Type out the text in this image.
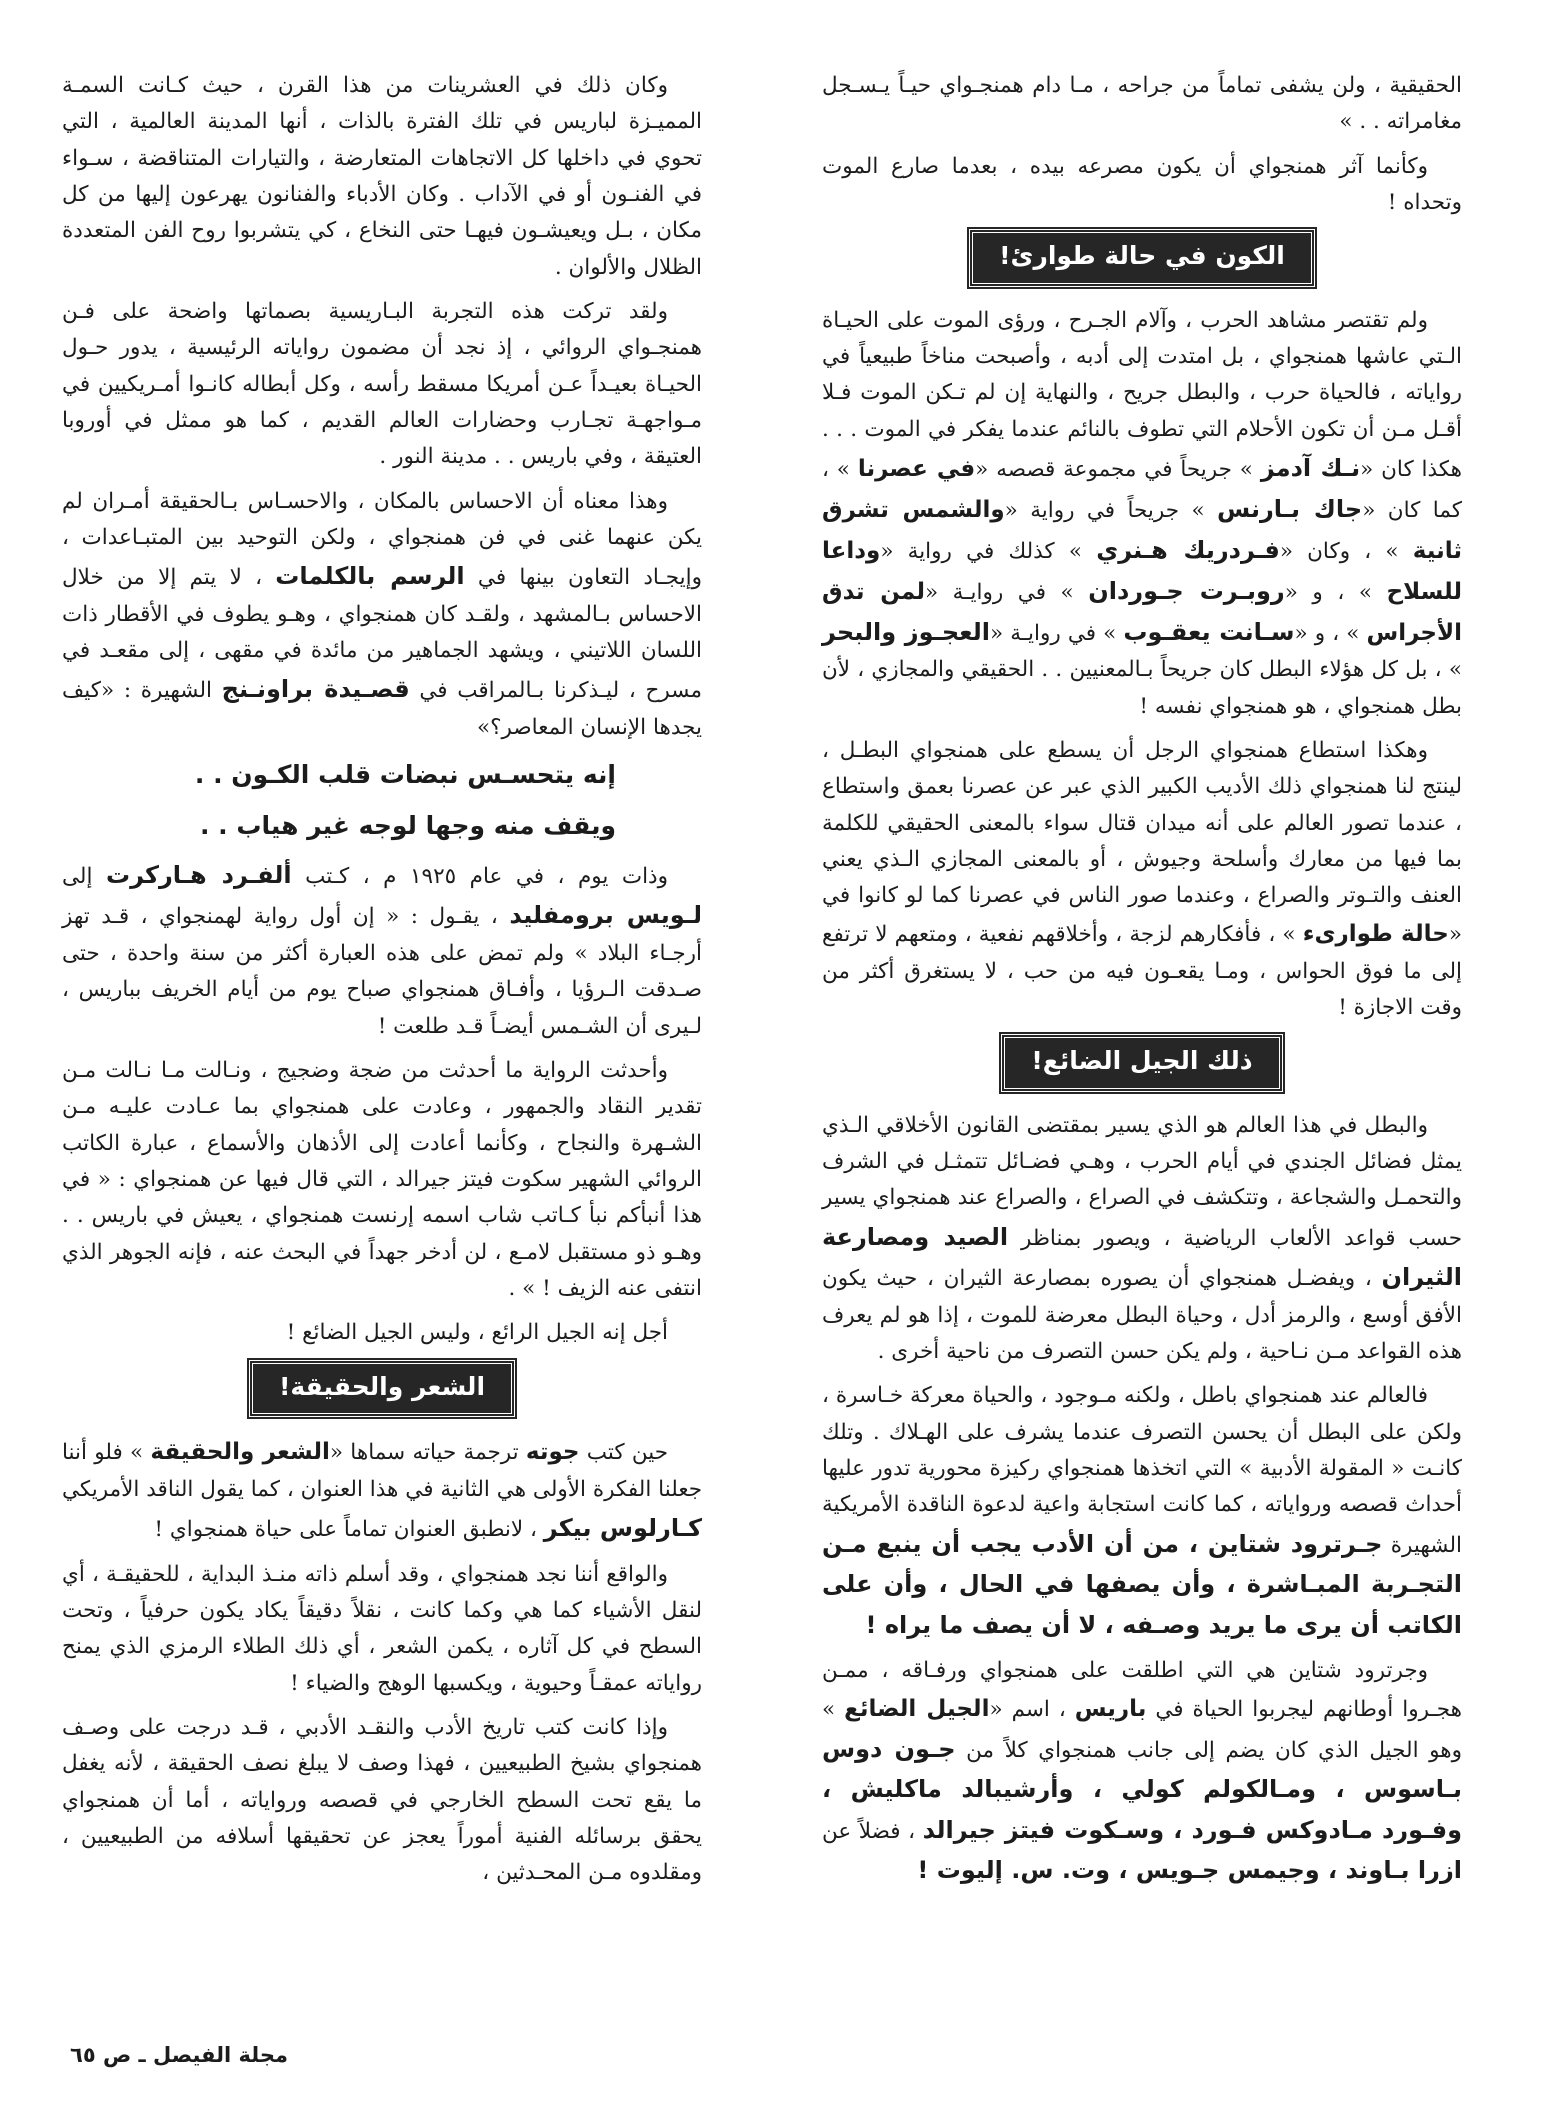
الحقيقية ، ولن يشفى تماماً من جراحه ، مـا دام همنجـواي حيـاً يـسـجل مغامراته . . »

وكأنما آثر همنجواي أن يكون مصرعه بيده ، بعدما صارع الموت وتحداه !

الكون في حالة طوارئ!

ولم تقتصر مشاهد الحرب ، وآلام الجـرح ، ورؤى الموت على الحيـاة الـتي عاشها همنجواي ، بل امتدت إلى أدبه ، وأصبحت مناخاً طبيعياً في رواياته ، فالحياة حرب ، والبطل جريح ، والنهاية إن لم تـكن الموت فـلا أقـل مـن أن تكون الأحلام التي تطوف بالنائم عندما يفكر في الموت . . . هكذا كان «نـك آدمز » جريحاً في مجموعة قصصه «في عصرنا » ، كما كان «جاك بـارنس » جريحاً في رواية «والشمس تشرق ثانية » ، وكان «فـردريك هـنري » كذلك في رواية «وداعا للسلاح » ، و «روبـرت جـوردان » في روايـة «لمن تدق الأجراس » ، و «سـانت يعقـوب » في روايـة «العجـوز والبحر » ، بل كل هؤلاء البطل كان جريحاً بـالمعنيين . . الحقيقي والمجازي ، لأن بطل همنجواي ، هو همنجواي نفسه !

وهكذا استطاع همنجواي الرجل أن يسطع على همنجواي البطـل ، لينتج لنا همنجواي ذلك الأديب الكبير الذي عبر عن عصرنا بعمق واستطاع ، عندما تصور العالم على أنه ميدان قتال سواء بالمعنى الحقيقي للكلمة بما فيها من معارك وأسلحة وجيوش ، أو بالمعنى المجازي الـذي يعني العنف والتـوتر والصراع ، وعندما صور الناس في عصرنا كما لو كانوا في «حالة طوارىء » ، فأفكارهم لزجة ، وأخلاقهم نفعية ، ومتعهم لا ترتفع إلى ما فوق الحواس ، ومـا يقعـون فيه من حب ، لا يستغرق أكثر من وقت الاجازة !

ذلك الجيل الضائع!

والبطل في هذا العالم هو الذي يسير بمقتضى القانون الأخلاقي الـذي يمثل فضائل الجندي في أيام الحرب ، وهـي فضـائل تتمثـل في الشرف والتحمـل والشجاعة ، وتتكشف في الصراع ، والصراع عند همنجواي يسير حسب قواعد الألعاب الرياضية ، ويصور بمناظر الصيد ومصارعة الثيران ، ويفضـل همنجواي أن يصوره بمصارعة الثيران ، حيث يكون الأفق أوسع ، والرمز أدل ، وحياة البطل معرضة للموت ، إذا هو لم يعرف هذه القواعد مـن نـاحية ، ولم يكن حسن التصرف من ناحية أخرى .

فالعالم عند همنجواي باطل ، ولكنه مـوجود ، والحياة معركة خـاسرة ، ولكن على البطل أن يحسن التصرف عندما يشرف على الهـلاك . وتلك كانـت « المقولة الأدبية » التي اتخذها همنجواي ركيزة محورية تدور عليها أحداث قصصه ورواياته ، كما كانت استجابة واعية لدعوة الناقدة الأمريكية الشهيرة جـرترود شتاين ، من أن الأدب يجب أن ينبع مـن التجـربة المبـاشرة ، وأن يصفها في الحال ، وأن على الكاتب أن يرى ما يريد وصـفه ، لا أن يصف ما يراه !

وجرترود شتاين هي التي اطلقت على همنجواي ورفـاقه ، ممـن هجـروا أوطانهم ليجربوا الحياة في باريس ، اسم «الجيل الضائع » وهو الجيل الذي كان يضم إلى جانب همنجواي كلاً من جـون دوس بـاسوس ، ومـالكولم كولي ، وأرشيبالد ماكليش ، وفـورد مـادوكس فـورد ، وسـكوت فيتز جيرالد ، فضلاً عن ازرا بـاوند ، وجيمس جـويس ، وت. س. إليوت !

وكان ذلك في العشرينات من هذا القرن ، حيث كـانت السمـة المميـزة لباريس في تلك الفترة بالذات ، أنها المدينة العالمية ، التي تحوي في داخلها كل الاتجاهات المتعارضة ، والتيارات المتناقضة ، سـواء في الفنـون أو في الآداب . وكان الأدباء والفنانون يهرعون إليها من كل مكان ، بـل ويعيشـون فيهـا حتى النخاع ، كي يتشربوا روح الفن المتعددة الظلال والألوان .

ولقد تركت هذه التجربة البـاريسية بصماتها واضحة على فـن همنجـواي الروائي ، إذ نجد أن مضمون رواياته الرئيسية ، يدور حـول الحيـاة بعيـداً عـن أمريكا مسقط رأسه ، وكل أبطاله كانـوا أمـريكيين في مـواجهـة تجـارب وحضارات العالم القديم ، كما هو ممثل في أوروبا العتيقة ، وفي باريس . . مدينة النور .

وهذا معناه أن الاحساس بالمكان ، والاحسـاس بـالحقيقة أمـران لم يكن عنهما غنى في فن همنجواي ، ولكن التوحيد بين المتبـاعدات ، وإيجـاد التعاون بينها في الرسم بالكلمات ، لا يتم إلا من خلال الاحساس بـالمشهد ، ولقـد كان همنجواي ، وهـو يطوف في الأقطار ذات اللسان اللاتيني ، ويشهد الجماهير من مائدة في مقهى ، إلى مقعـد في مسرح ، ليـذكرنا بـالمراقب في قصـيدة براونـنج الشهيرة : «كيف يجدها الإنسان المعاصر؟»

إنه يتحسـس نبضات قلب الكـون . .

ويقف منه وجها لوجه غير هياب . .

وذات يوم ، في عام ١٩٢٥ م ، كـتب ألفـرد هـاركرت إلى لـويس برومفليد ، يقـول : « إن أول رواية لهمنجواي ، قـد تهز أرجـاء البلاد » ولم تمض على هذه العبارة أكثر من سنة واحدة ، حتى صـدقت الـرؤيا ، وأفـاق همنجواي صباح يوم من أيام الخريف بباريس ، لـيرى أن الشـمس أيضـاً قـد طلعت !

وأحدثت الرواية ما أحدثت من ضجة وضجيج ، ونـالت مـا نـالت مـن تقدير النقاد والجمهور ، وعادت على همنجواي بما عـادت عليـه مـن الشـهرة والنجاح ، وكأنما أعادت إلى الأذهان والأسماع ، عبارة الكاتب الروائي الشهير سكوت فيتز جيرالد ، التي قال فيها عن همنجواي : « في هذا أنبأكم نبأ كـاتب شاب اسمه إرنست همنجواي ، يعيش في باريس . . وهـو ذو مستقبل لامـع ، لن أدخر جهداً في البحث عنه ، فإنه الجوهر الذي انتفى عنه الزيف ! » .

أجل إنه الجيل الرائع ، وليس الجيل الضائع !

الشعر والحقيقة!

حين كتب جوته ترجمة حياته سماها «الشعر والحقيقة » فلو أننا جعلنا الفكرة الأولى هي الثانية في هذا العنوان ، كما يقول الناقد الأمريكي كـارلوس بيكر ، لانطبق العنوان تماماً على حياة همنجواي !

والواقع أننا نجد همنجواي ، وقد أسلم ذاته منـذ البداية ، للحقيقـة ، أي لنقل الأشياء كما هي وكما كانت ، نقلاً دقيقاً يكاد يكون حرفياً ، وتحت السطح في كل آثاره ، يكمن الشعر ، أي ذلك الطلاء الرمزي الذي يمنح رواياته عمقـاً وحيوية ، ويكسبها الوهج والضياء !

وإذا كانت كتب تاريخ الأدب والنقـد الأدبي ، قـد درجت على وصـف همنجواي بشيخ الطبيعيين ، فهذا وصف لا يبلغ نصف الحقيقة ، لأنه يغفل ما يقع تحت السطح الخارجي في قصصه ورواياته ، أما أن همنجواي يحقق برسائله الفنية أموراً يعجز عن تحقيقها أسلافه من الطبيعيين ، ومقلدوه مـن المحـدثين ،

مجلة الفيصل ـ ص ٦٥
